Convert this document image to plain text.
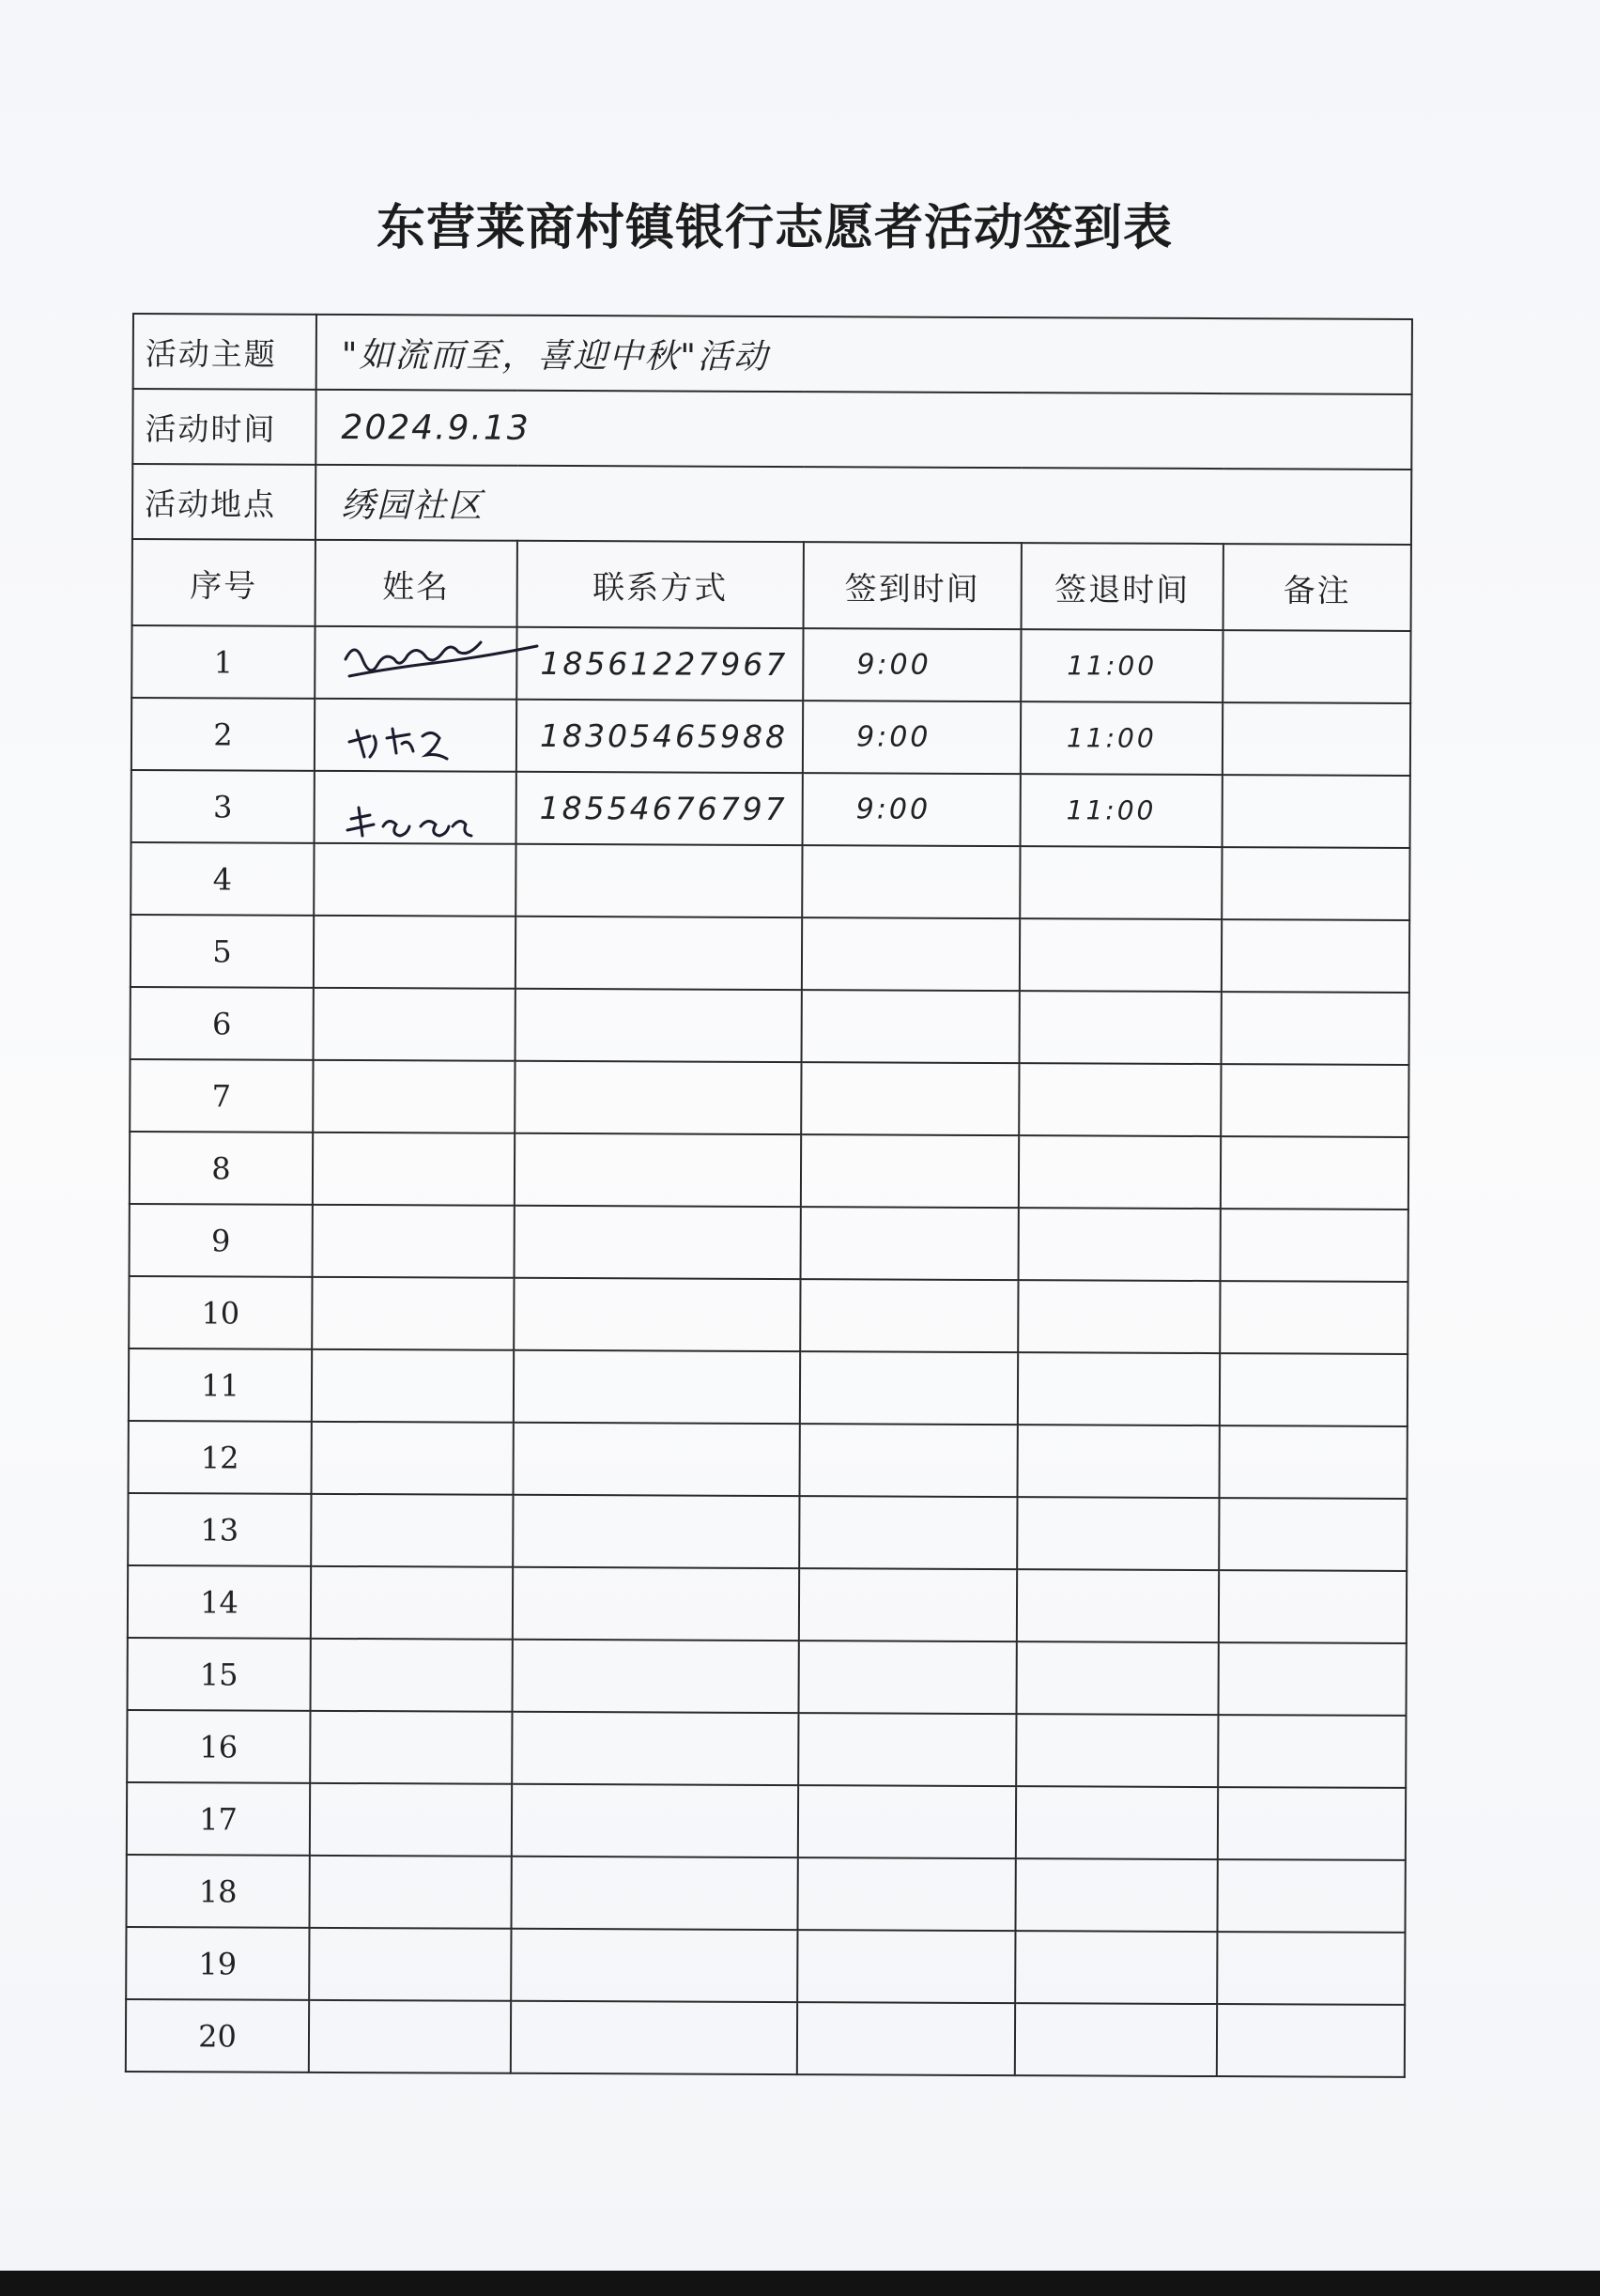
东营莱商村镇银行志愿者活动签到表
活动主题	"如流而至，喜迎中秋"活动				
活动时间	2024.9.13				
活动地点	绣园社区				
序号	姓名	联系方式	签到时间	签退时间	备注
1		18561227967	9:00	11:00	
2		18305465988	9:00	11:00	
3		18554676797	9:00	11:00	
4					
5					
6					
7					
8					
9					
10					
11					
12					
13					
14					
15					
16					
17					
18					
19					
20					
